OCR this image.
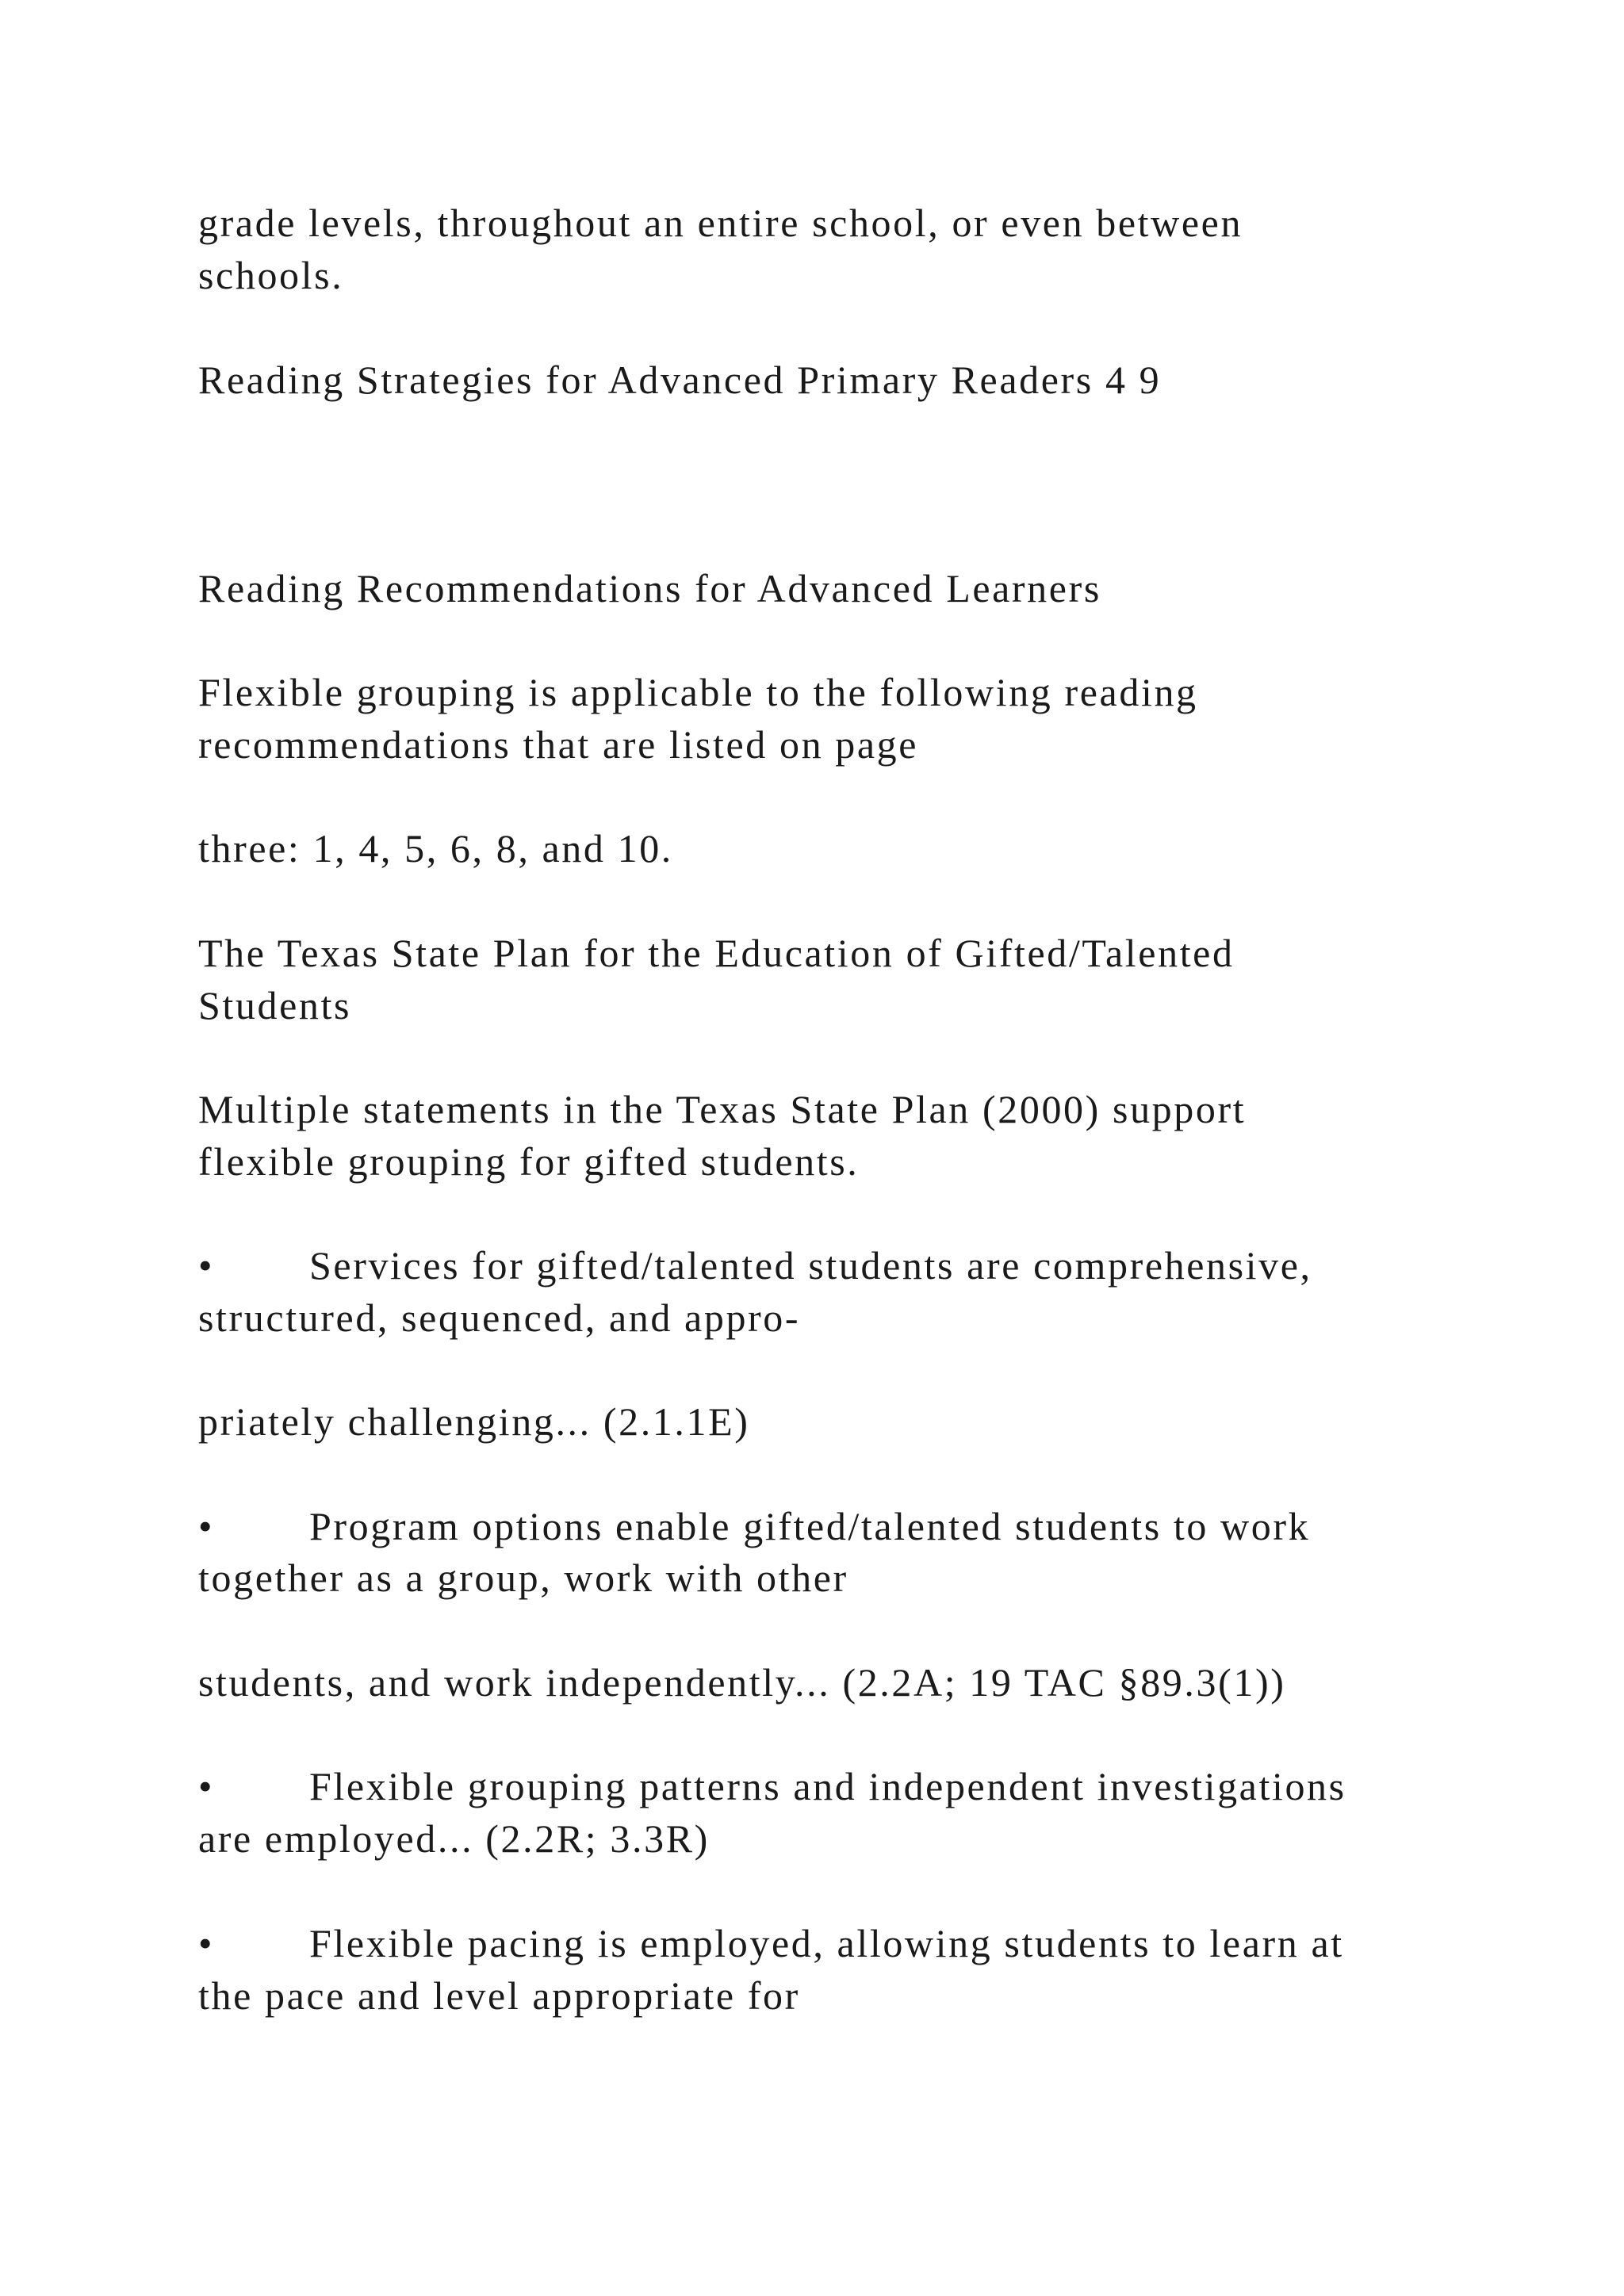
grade levels, throughout an entire school, or even between

schools.

Reading Strategies for Advanced Primary Readers 4 9

Reading Recommendations for Advanced Learners

Flexible grouping is applicable to the following reading

recommendations that are listed on page

three: 1, 4, 5, 6, 8, and 10.

The Texas State Plan for the Education of Gifted/Talented

Students

Multiple statements in the Texas State Plan (2000) support

flexible grouping for gifted students.

• Services for gifted/talented students are comprehensive,

structured, sequenced, and appro-

priately challenging... (2.1.1E)

• Program options enable gifted/talented students to work

together as a group, work with other

students, and work independently... (2.2A; 19 TAC §89.3(1))

• Flexible grouping patterns and independent investigations

are employed... (2.2R; 3.3R)

• Flexible pacing is employed, allowing students to learn at

the pace and level appropriate for
